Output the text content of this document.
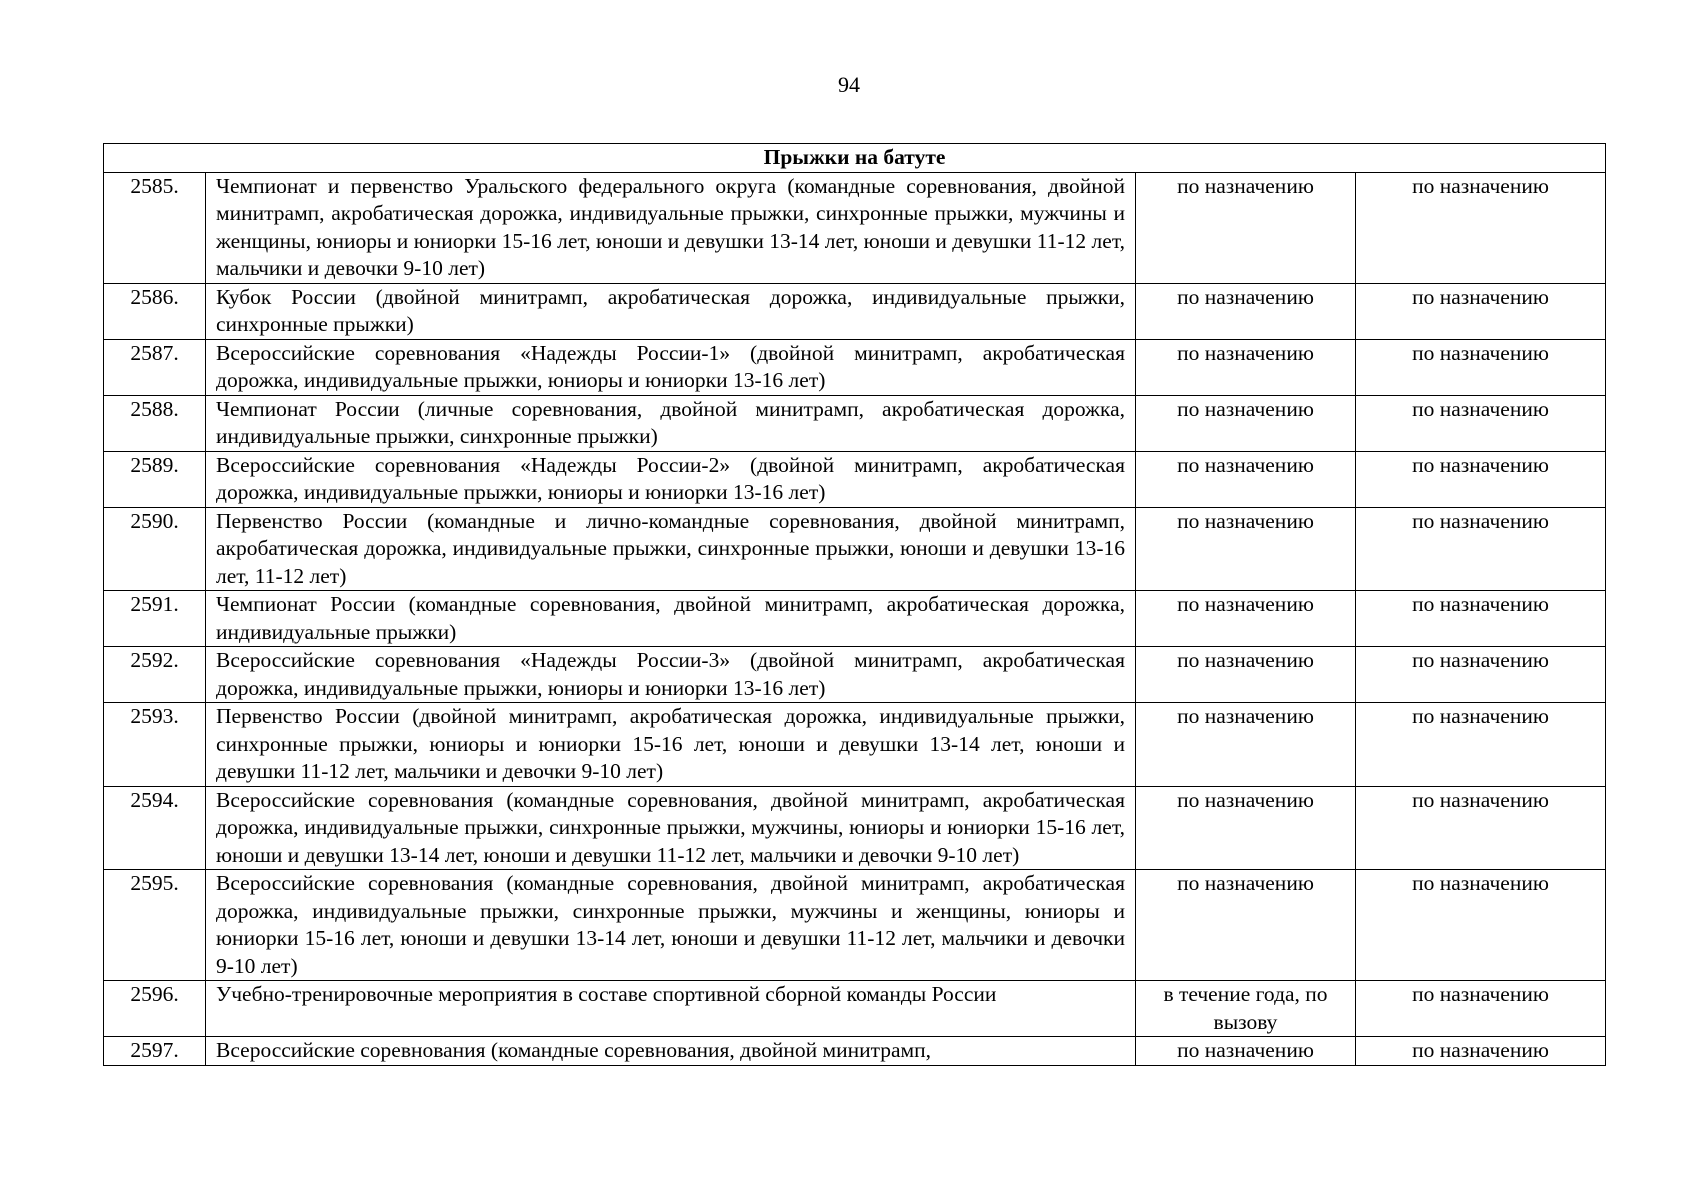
94
Прыжки на батуте			
2585.	Чемпионат и первенство Уральского федерального округа (командные соревнования, двойной минитрамп, акробатическая дорожка, индивидуальные прыжки, синхронные прыжки, мужчины и женщины, юниоры и юниорки 15-16 лет, юноши и девушки 13-14 лет, юноши и девушки 11-12 лет, мальчики и девочки 9-10 лет)	по назначению	по назначению
2586.	Кубок России (двойной минитрамп, акробатическая дорожка, индивидуальные прыжки, синхронные прыжки)	по назначению	по назначению
2587.	Всероссийские соревнования «Надежды России-1» (двойной минитрамп, акробатическая дорожка, индивидуальные прыжки, юниоры и юниорки 13-16 лет)	по назначению	по назначению
2588.	Чемпионат России (личные соревнования, двойной минитрамп, акробатическая дорожка, индивидуальные прыжки, синхронные прыжки)	по назначению	по назначению
2589.	Всероссийские соревнования «Надежды России-2» (двойной минитрамп, акробатическая дорожка, индивидуальные прыжки, юниоры и юниорки 13-16 лет)	по назначению	по назначению
2590.	Первенство России (командные и лично-командные соревнования, двойной минитрамп, акробатическая дорожка, индивидуальные прыжки, синхронные прыжки, юноши и девушки 13-16 лет, 11-12 лет)	по назначению	по назначению
2591.	Чемпионат России (командные соревнования, двойной минитрамп, акробатическая дорожка, индивидуальные прыжки)	по назначению	по назначению
2592.	Всероссийские соревнования «Надежды России-3» (двойной минитрамп, акробатическая дорожка, индивидуальные прыжки, юниоры и юниорки 13-16 лет)	по назначению	по назначению
2593.	Первенство России (двойной минитрамп, акробатическая дорожка, индивидуальные прыжки, синхронные прыжки, юниоры и юниорки 15-16 лет, юноши и девушки 13-14 лет, юноши и девушки 11-12 лет, мальчики и девочки 9-10 лет)	по назначению	по назначению
2594.	Всероссийские соревнования (командные соревнования, двойной минитрамп, акробатическая дорожка, индивидуальные прыжки, синхронные прыжки, мужчины, юниоры и юниорки 15-16 лет, юноши и девушки 13-14 лет, юноши и девушки 11-12 лет, мальчики и девочки 9-10 лет)	по назначению	по назначению
2595.	Всероссийские соревнования (командные соревнования, двойной минитрамп, акробатическая дорожка, индивидуальные прыжки, синхронные прыжки, мужчины и женщины, юниоры и юниорки 15-16 лет, юноши и девушки 13-14 лет, юноши и девушки 11-12 лет, мальчики и девочки 9-10 лет)	по назначению	по назначению
2596.	Учебно-тренировочные мероприятия в составе спортивной сборной команды России	в течение года, по вызову	по назначению
2597.	Всероссийские соревнования (командные соревнования, двойной минитрамп,	по назначению	по назначению
